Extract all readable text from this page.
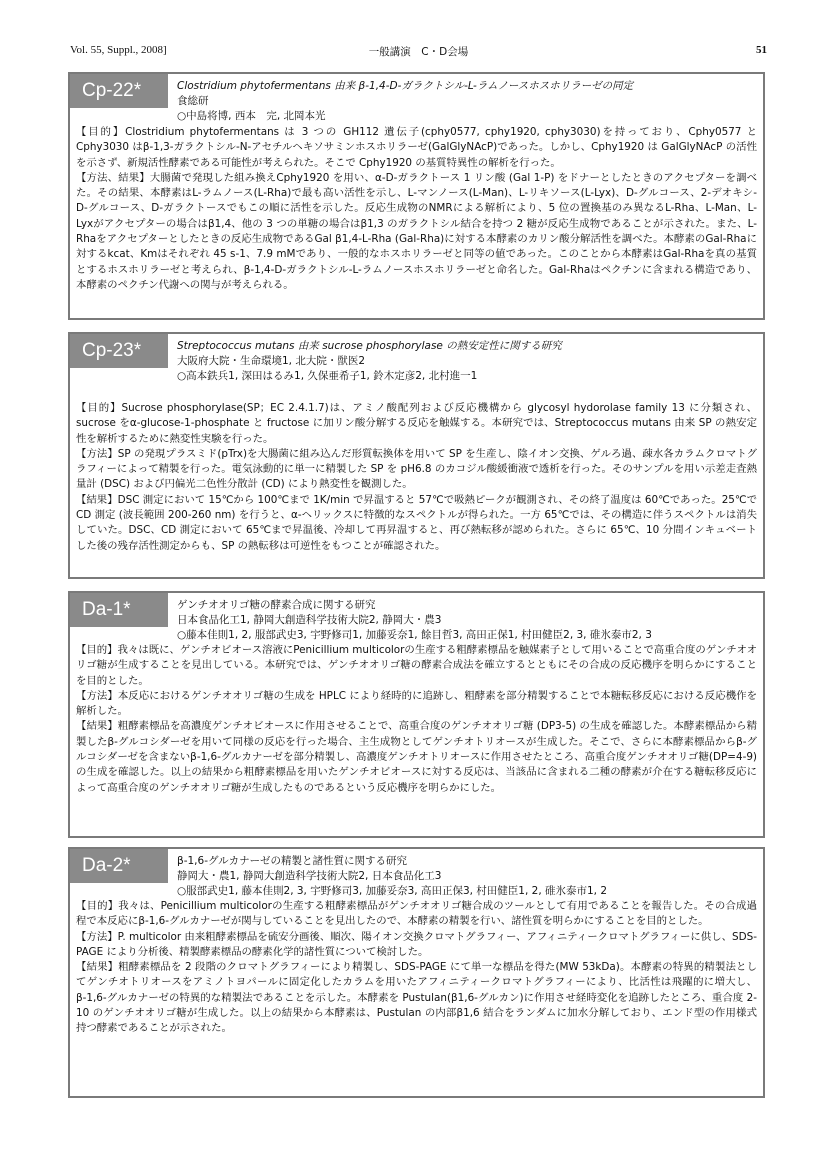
Vol. 55, Suppl., 2008]	一般講演　C・D会場	51
Cp-22*	Clostridium phytofermentans 由来 β-1,4-D-ガラクトシル-L-ラムノースホスホリラーゼの同定
食総研
○中島将博, 西本　完, 北岡本光

【目的】Clostridium phytofermentans は 3 つの GH112 遺伝子(cphy0577, cphy1920, cphy3030)を持っており、Cphy0577 と Cphy3030 はβ-1,3-ガラクトシル-N-アセチルヘキソサミンホスホリラーゼ(GalGlyNAcP)であった。しかし、Cphy1920 は GalGlyNAcP の活性を示さず、新規活性酵素である可能性が考えられた。そこで Cphy1920 の基質特異性の解析を行った。

【方法、結果】大腸菌で発現した組み換えCphy1920 を用い、α-D-ガラクトース 1 リン酸 (Gal 1-P) をドナーとしたときのアクセプターを調べた。その結果、本酵素はL-ラムノース(L-Rha)で最も高い活性を示し、L-マンノース(L-Man)、L-リキソース(L-Lyx)、D-グルコース、2-デオキシ-D-グルコース、D-ガラクトースでもこの順に活性を示した。反応生成物のNMRによる解析により、5 位の置換基のみ異なるL-Rha、L-Man、L-Lyxがアクセプターの場合はβ1,4、他の 3 つの単糖の場合はβ1,3 のガラクトシル結合を持つ 2 糖が反応生成物であることが示された。また、L-Rhaをアクセプターとしたときの反応生成物であるGal β1,4-L-Rha (Gal-Rha)に対する本酵素のカリン酸分解活性を調べた。本酵素のGal-Rhaに対するkcat、Kmはそれぞれ 45 s-1、7.9 mMであり、一般的なホスホリラーゼと同等の値であった。このことから本酵素はGal-Rhaを真の基質とするホスホリラーゼと考えられ、β-1,4-D-ガラクトシル-L-ラムノースホスホリラーゼと命名した。Gal-Rhaはペクチンに含まれる構造であり、本酵素のペクチン代謝への関与が考えられる。

Cp-23*	Streptococcus mutans 由来 sucrose phosphorylase の熱安定性に関する研究
大阪府大院・生命環境1, 北大院・獣医2
○高本鉄兵1, 深田はるみ1, 久保亜希子1, 鈴木定彦2, 北村進一1

【目的】Sucrose phosphorylase(SP；EC 2.4.1.7)は、アミノ酸配列および反応機構から glycosyl hydorolase family 13 に分類され、sucrose をα-glucose-1-phosphate と fructose に加リン酸分解する反応を触媒する。本研究では、Streptococcus mutans 由来 SP の熱安定性を解析するために熱変性実験を行った。

【方法】SP の発現プラスミド(pTrx)を大腸菌に組み込んだ形質転換体を用いて SP を生産し、陰イオン交換、ゲルろ過、疎水各カラムクロマトグラフィーによって精製を行った。電気泳動的に単一に精製した SP を pH6.8 のカコジル酸緩衝液で透析を行った。そのサンプルを用い示差走査熱量計 (DSC) および円偏光二色性分散計 (CD) により熱変性を観測した。

【結果】DSC 測定において 15℃から 100℃まで 1K/min で昇温すると 57℃で吸熱ピークが観測され、その終了温度は 60℃であった。25℃で CD 測定 (波長範囲 200-260 nm) を行うと、α-ヘリックスに特徴的なスペクトルが得られた。一方 65℃では、その構造に伴うスペクトルは消失していた。DSC、CD 測定において 65℃まで昇温後、冷却して再昇温すると、再び熱転移が認められた。さらに 65℃、10 分間インキュベートした後の残存活性測定からも、SP の熱転移は可逆性をもつことが確認された。

Da-1*	ゲンチオオリゴ糖の酵素合成に関する研究
日本食品化工1, 静岡大創造科学技術大院2, 静岡大・農3
○藤本佳則1, 2, 服部武史3, 宇野修司1, 加藤妥奈1, 餘目哲3, 高田正保1, 村田健臣2, 3, 碓氷泰市2, 3

【目的】我々は既に、ゲンチオビオース溶液にPenicillium multicolorの生産する粗酵素標品を触媒素子として用いることで高重合度のゲンチオオリゴ糖が生成することを見出している。本研究では、ゲンチオオリゴ糖の酵素合成法を確立するとともにその合成の反応機序を明らかにすることを目的とした。

【方法】本反応におけるゲンチオオリゴ糖の生成を HPLC により経時的に追跡し、粗酵素を部分精製することで本糖転移反応における反応機作を解析した。

【結果】粗酵素標品を高濃度ゲンチオビオースに作用させることで、高重合度のゲンチオオリゴ糖 (DP3-5) の生成を確認した。本酵素標品から精製したβ-グルコシダーゼを用いて同様の反応を行った場合、主生成物としてゲンチオトリオースが生成した。そこで、さらに本酵素標品からβ-グルコシダーゼを含まないβ-1,6-グルカナーゼを部分精製し、高濃度ゲンチオトリオースに作用させたところ、高重合度ゲンチオオリゴ糖(DP=4-9)の生成を確認した。以上の結果から粗酵素標品を用いたゲンチオビオースに対する反応は、当該品に含まれる二種の酵素が介在する糖転移反応によって高重合度のゲンチオオリゴ糖が生成したものであるという反応機序を明らかにした。

Da-2*	β-1,6-グルカナーゼの精製と諸性質に関する研究
静岡大・農1, 静岡大創造科学技術大院2, 日本食品化工3
○服部武史1, 藤本佳則2, 3, 宇野修司3, 加藤妥奈3, 高田正保3, 村田健臣1, 2, 碓氷泰市1, 2

【目的】我々は、Penicillium multicolorの生産する粗酵素標品がゲンチオオリゴ糖合成のツールとして有用であることを報告した。その合成過程で本反応にβ-1,6-グルカナーゼが関与していることを見出したので、本酵素の精製を行い、諸性質を明らかにすることを目的とした。

【方法】P. multicolor 由来粗酵素標品を硫安分画後、順次、陽イオン交換クロマトグラフィー、アフィニティークロマトグラフィーに供し、SDS-PAGE により分析後、精製酵素標品の酵素化学的諸性質について検討した。

【結果】粗酵素標品を 2 段階のクロマトグラフィーにより精製し、SDS-PAGE にて単一な標品を得た(MW 53kDa)。本酵素の特異的精製法としてゲンチオトリオースをアミノトヨパールに固定化したカラムを用いたアフィニティークロマトグラフィーにより、比活性は飛躍的に増大し、β-1,6-グルカナーゼの特異的な精製法であることを示した。本酵素を Pustulan(β1,6-グルカン)に作用させ経時変化を追跡したところ、重合度 2-10 のゲンチオオリゴ糖が生成した。以上の結果から本酵素は、Pustulan の内部β1,6 結合をランダムに加水分解しており、エンド型の作用様式持つ酵素であることが示された。
